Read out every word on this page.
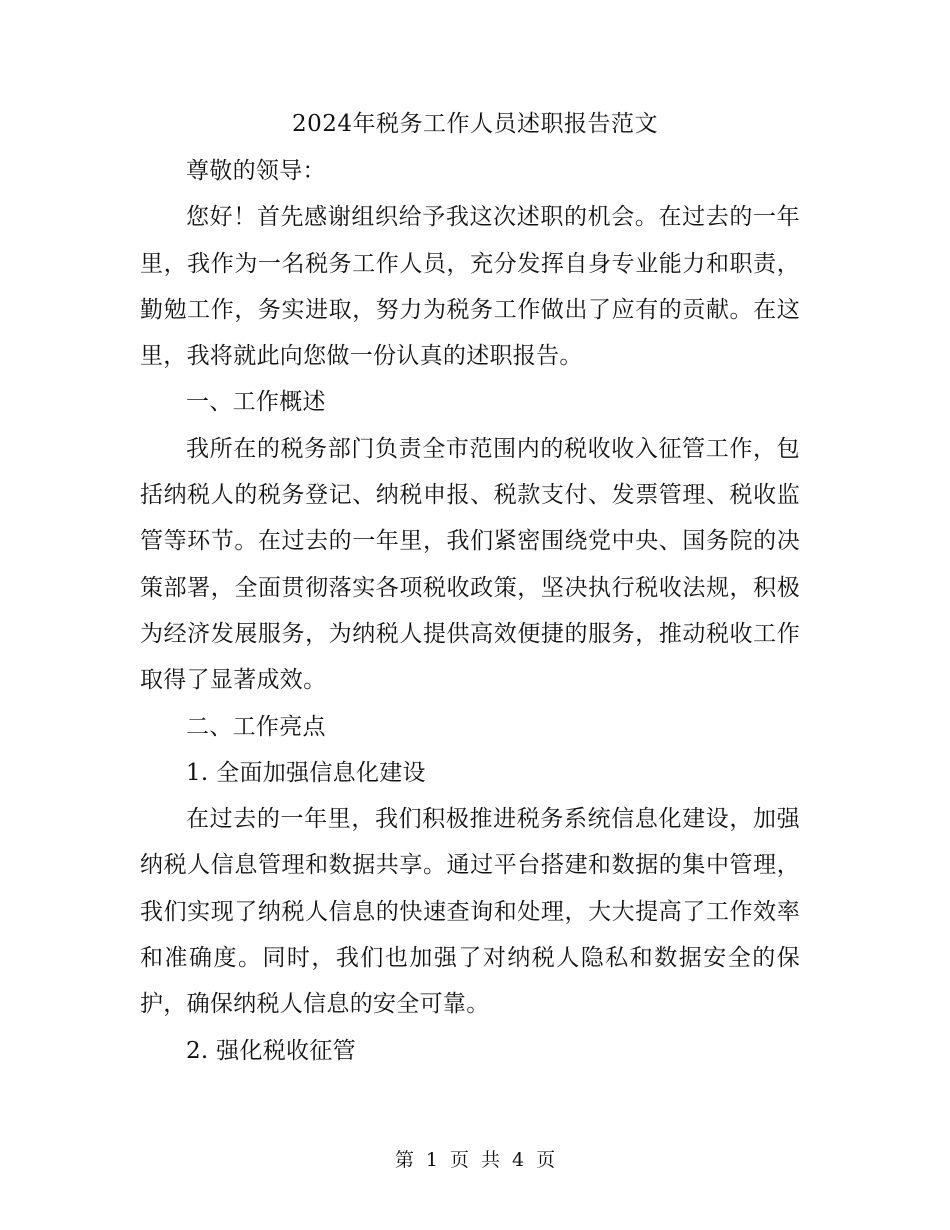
2024年税务工作人员述职报告范文

尊敬的领导：

您好！首先感谢组织给予我这次述职的机会。在过去的一年里，我作为一名税务工作人员，充分发挥自身专业能力和职责，勤勉工作，务实进取，努力为税务工作做出了应有的贡献。在这里，我将就此向您做一份认真的述职报告。

一、工作概述

我所在的税务部门负责全市范围内的税收收入征管工作，包括纳税人的税务登记、纳税申报、税款支付、发票管理、税收监管等环节。在过去的一年里，我们紧密围绕党中央、国务院的决策部署，全面贯彻落实各项税收政策，坚决执行税收法规，积极为经济发展服务，为纳税人提供高效便捷的服务，推动税收工作取得了显著成效。

二、工作亮点

1. 全面加强信息化建设

在过去的一年里，我们积极推进税务系统信息化建设，加强纳税人信息管理和数据共享。通过平台搭建和数据的集中管理，我们实现了纳税人信息的快速查询和处理，大大提高了工作效率和准确度。同时，我们也加强了对纳税人隐私和数据安全的保护，确保纳税人信息的安全可靠。

2. 强化税收征管

第 1 页 共 4 页
